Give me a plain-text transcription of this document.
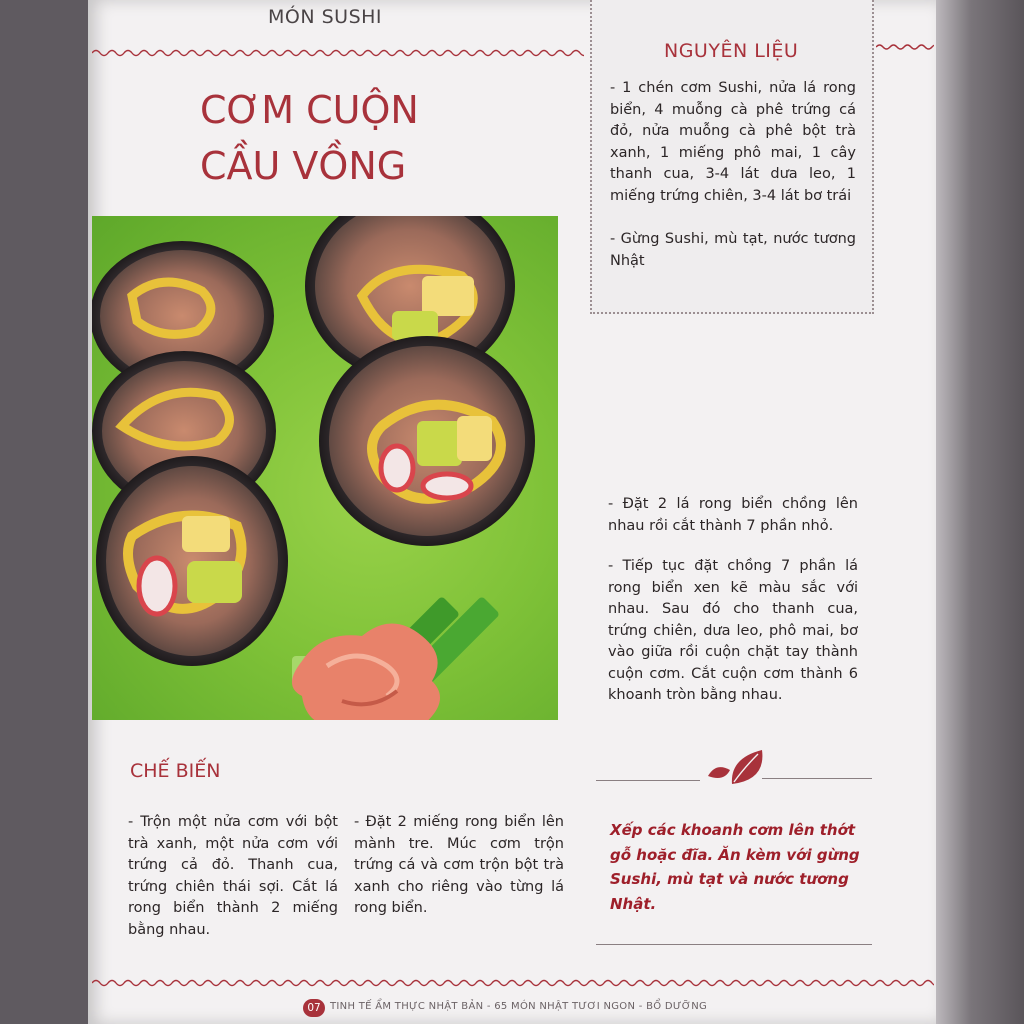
MÓN SUSHI
CƠM CUỘN
CẦU VỒNG
NGUYÊN LIỆU
- 1 chén cơm Sushi, nửa lá rong biển, 4 muỗng cà phê trứng cá đỏ, nửa muỗng cà phê bột trà xanh, 1 miếng phô mai, 1 cây thanh cua, 3-4 lát dưa leo, 1 miếng trứng chiên, 3-4 lát bơ trái
- Gừng Sushi, mù tạt, nước tương Nhật
- Đặt 2 lá rong biển chồng lên nhau rồi cắt thành 7 phần nhỏ.
- Tiếp tục đặt chồng 7 phần lá rong biển xen kẽ màu sắc với nhau. Sau đó cho thanh cua, trứng chiên, dưa leo, phô mai, bơ vào giữa rồi cuộn chặt tay thành cuộn cơm. Cắt cuộn cơm thành 6 khoanh tròn bằng nhau.
Xếp các khoanh cơm lên thớt gỗ hoặc đĩa. Ăn kèm với gừng Sushi, mù tạt và nước tương Nhật.
CHẾ BIẾN
- Trộn một nửa cơm với bột trà xanh, một nửa cơm với trứng cả đỏ. Thanh cua, trứng chiên thái sợi. Cắt lá rong biển thành 2 miếng bằng nhau.
- Đặt 2 miếng rong biển lên mành tre. Múc cơm trộn trứng cá và cơm trộn bột trà xanh cho riêng vào từng lá rong biển.
07 TINH TẾ ẨM THỰC NHẬT BẢN - 65 MÓN NHẬT TƯƠI NGON - BỔ DƯỠNG
